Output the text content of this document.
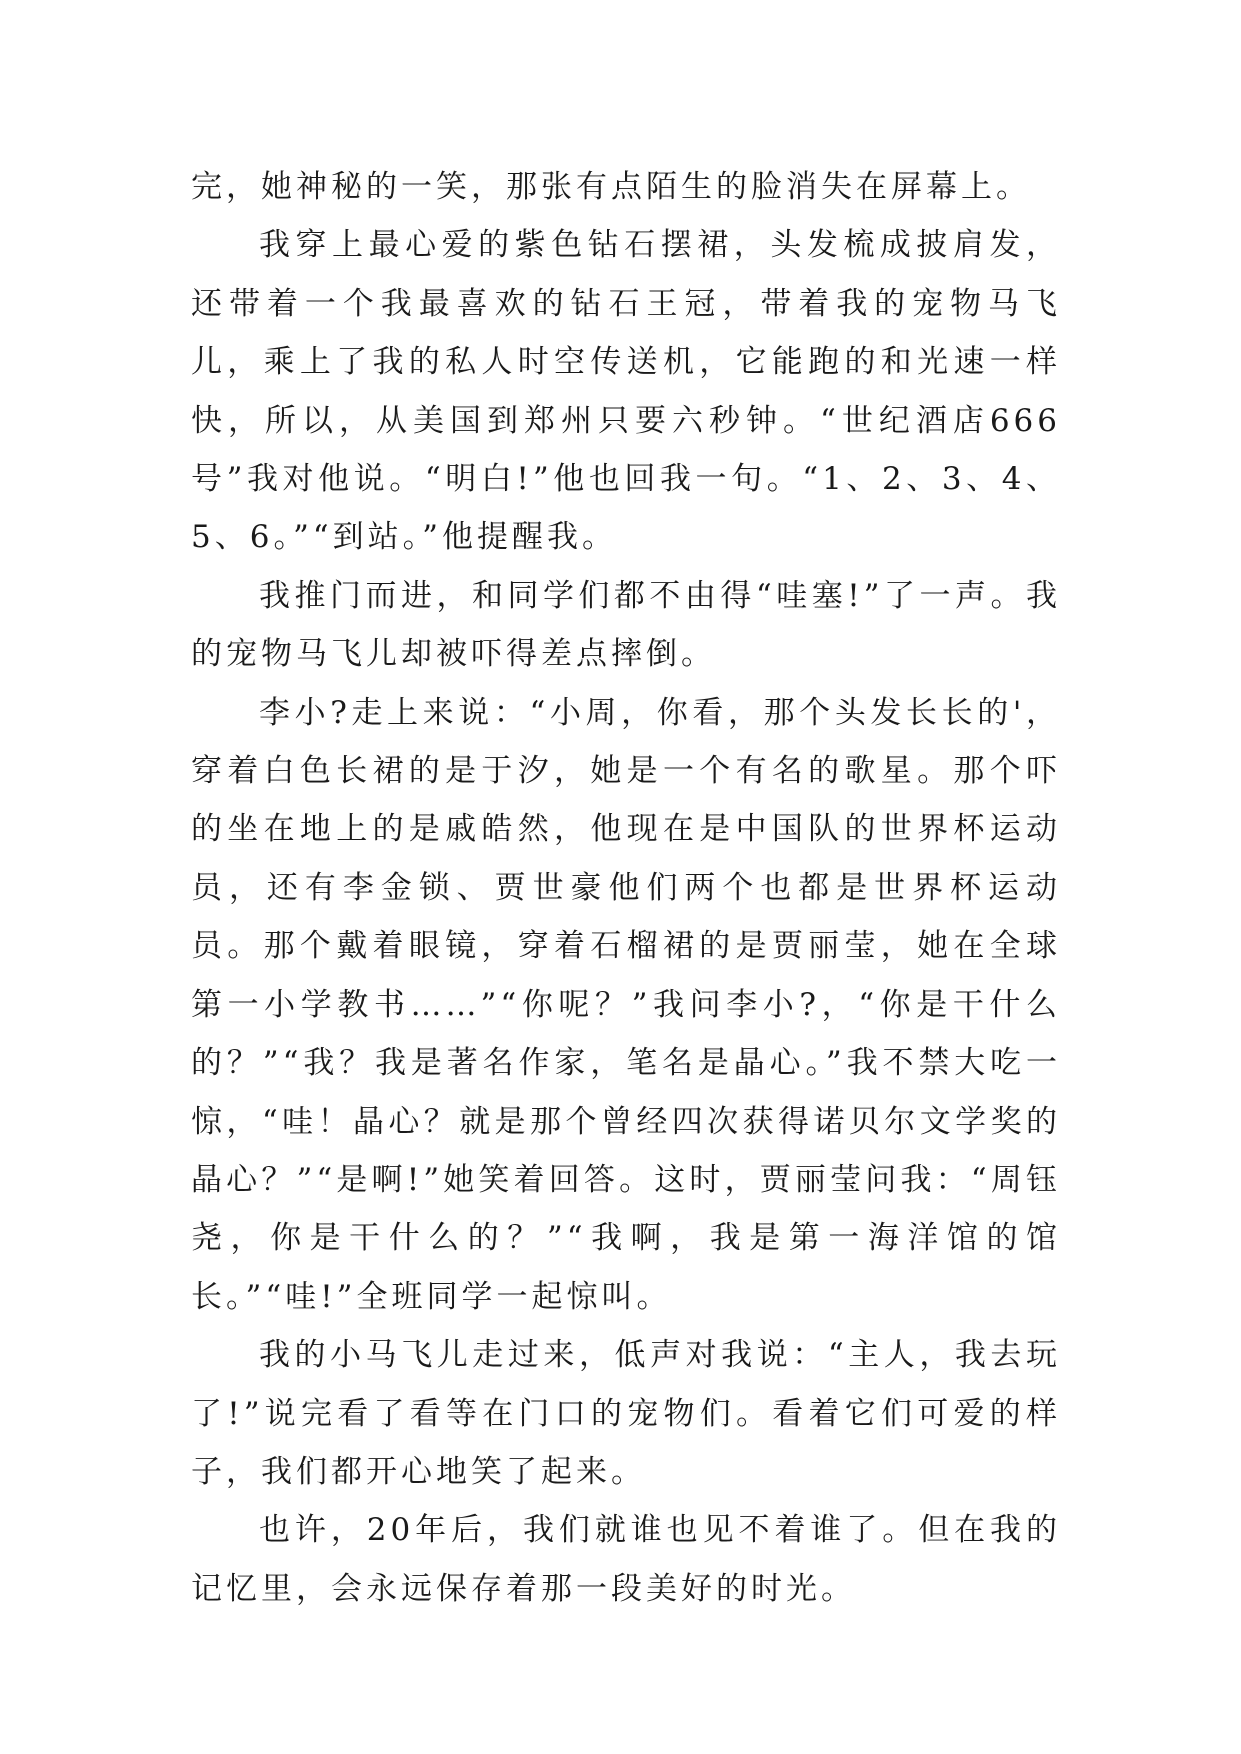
完，她神秘的一笑，那张有点陌生的脸消失在屏幕上。

我穿上最心爱的紫色钻石摆裙，头发梳成披肩发，还带着一个我最喜欢的钻石王冠，带着我的宠物马飞儿，乘上了我的私人时空传送机，它能跑的和光速一样快，所以，从美国到郑州只要六秒钟。“世纪酒店666号”我对他说。“明白!”他也回我一句。“1、2、3、4、5、6。”“到站。”他提醒我。

我推门而进，和同学们都不由得“哇塞!”了一声。我的宠物马飞儿却被吓得差点摔倒。

李小?走上来说：“小周，你看，那个头发长长的'，穿着白色长裙的是于汐，她是一个有名的歌星。那个吓的坐在地上的是戚皓然，他现在是中国队的世界杯运动员，还有李金锁、贾世豪他们两个也都是世界杯运动员。那个戴着眼镜，穿着石榴裙的是贾丽莹，她在全球第一小学教书……”“你呢？”我问李小?，“你是干什么的？”“我？我是著名作家，笔名是晶心。”我不禁大吃一惊，“哇！晶心？就是那个曾经四次获得诺贝尔文学奖的晶心？”“是啊!”她笑着回答。这时，贾丽莹问我：“周钰尧，你是干什么的？”“我啊，我是第一海洋馆的馆长。”“哇!”全班同学一起惊叫。

我的小马飞儿走过来，低声对我说：“主人，我去玩了!”说完看了看等在门口的宠物们。看着它们可爱的样子，我们都开心地笑了起来。

也许，20年后，我们就谁也见不着谁了。但在我的记忆里，会永远保存着那一段美好的时光。
